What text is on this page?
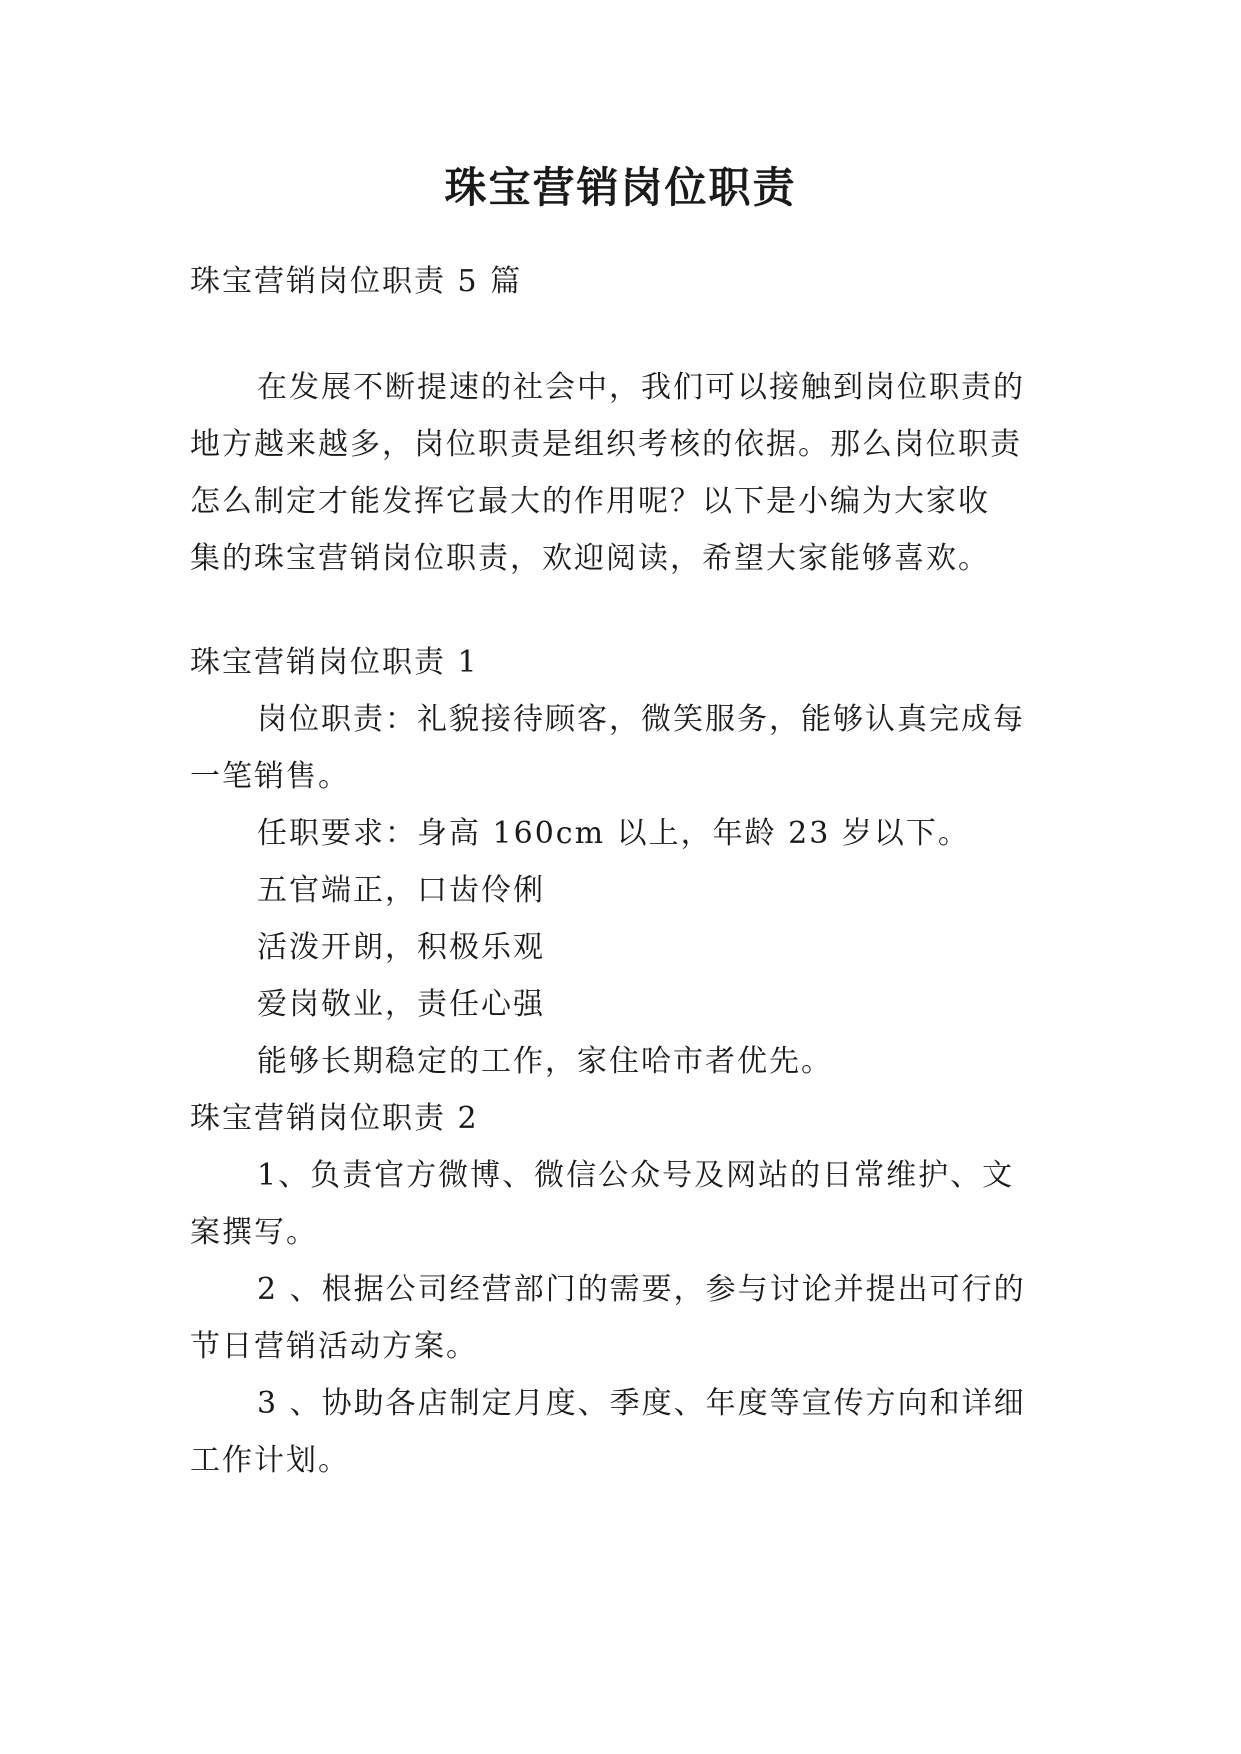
珠宝营销岗位职责
珠宝营销岗位职责 5 篇
在发展不断提速的社会中，我们可以接触到岗位职责的
地方越来越多，岗位职责是组织考核的依据。那么岗位职责
怎么制定才能发挥它最大的作用呢？以下是小编为大家收
集的珠宝营销岗位职责，欢迎阅读，希望大家能够喜欢。
珠宝营销岗位职责 1
岗位职责：礼貌接待顾客，微笑服务，能够认真完成每
一笔销售。
任职要求：身高 160cm 以上，年龄 23 岁以下。
五官端正，口齿伶俐
活泼开朗，积极乐观
爱岗敬业，责任心强
能够长期稳定的工作，家住哈市者优先。
珠宝营销岗位职责 2
1、负责官方微博、微信公众号及网站的日常维护、文
案撰写。
2 、根据公司经营部门的需要，参与讨论并提出可行的
节日营销活动方案。
3 、协助各店制定月度、季度、年度等宣传方向和详细
工作计划。
